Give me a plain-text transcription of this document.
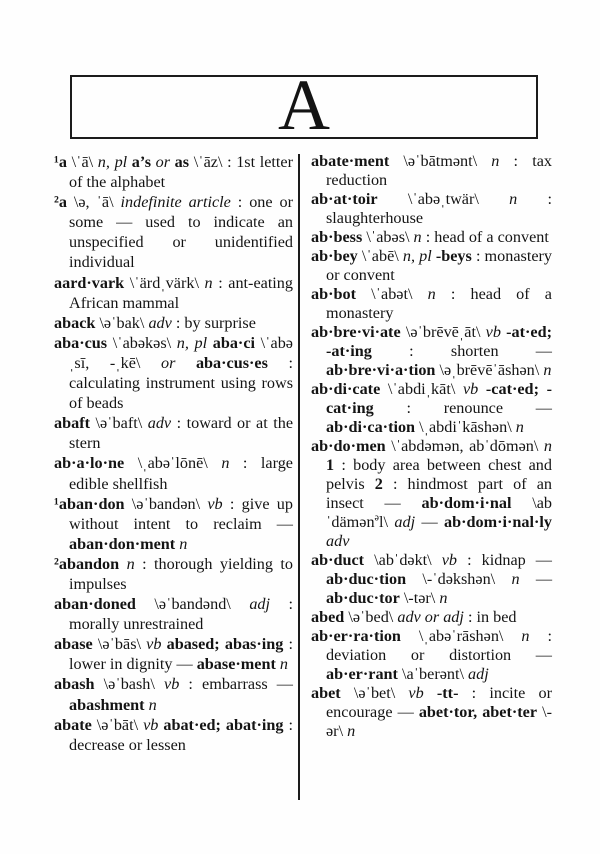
A

¹a \ˈā\ n, pl a’s or as \ˈāz\ : 1st letter of the alphabet

²a \ə, ˈā\ indefinite article : one or some — used to indicate an unspecified or unidentified individual

aard·vark \ˈärdˌvärk\ n : ant-eating African mammal

aback \əˈbak\ adv : by surprise

aba·cus \ˈabəkəs\ n, pl aba·ci \ˈabəˌsī, -ˌkē\ or aba·cus·es : calculating instrument using rows of beads

abaft \əˈbaft\ adv : toward or at the stern

ab·a·lo·ne \ˌabəˈlōnē\ n : large edible shellfish

¹aban·don \əˈbandən\ vb : give up without intent to reclaim — aban·don·ment n

²abandon n : thorough yielding to impulses

aban·doned \əˈbandənd\ adj : morally unrestrained

abase \əˈbās\ vb abased; abas·ing : lower in dignity — abase·ment n

abash \əˈbash\ vb : embarrass — abashment n

abate \əˈbāt\ vb abat·ed; abat·ing : decrease or lessen

abate·ment \əˈbātmənt\ n : tax reduction

ab·at·toir \ˈabəˌtwär\ n : slaughterhouse

ab·bess \ˈabəs\ n : head of a convent

ab·bey \ˈabē\ n, pl -beys : monastery or convent

ab·bot \ˈabət\ n : head of a monastery

ab·bre·vi·ate \əˈbrēvēˌāt\ vb -at·ed; -at·ing : shorten — ab·bre·vi·a·tion \əˌbrēvēˈāshən\ n

ab·di·cate \ˈabdiˌkāt\ vb -cat·ed; -cat·ing : renounce — ab·di·ca·tion \ˌabdiˈkāshən\ n

ab·do·men \ˈabdəmən, abˈdōmən\ n 1 : body area between chest and pelvis 2 : hindmost part of an insect — ab·dom·i·nal \abˈdämən$^ə$l\ adj — ab·dom·i·nal·ly adv

ab·duct \abˈdəkt\ vb : kidnap — ab·duc·tion \-ˈdəkshən\ n — ab·duc·tor \-tər\ n

abed \əˈbed\ adv or adj : in bed

ab·er·ra·tion \ˌabəˈrāshən\ n : deviation or distortion — ab·er·rant \aˈberənt\ adj

abet \əˈbet\ vb -tt- : incite or encourage — abet·tor, abet·ter \-ər\ n
